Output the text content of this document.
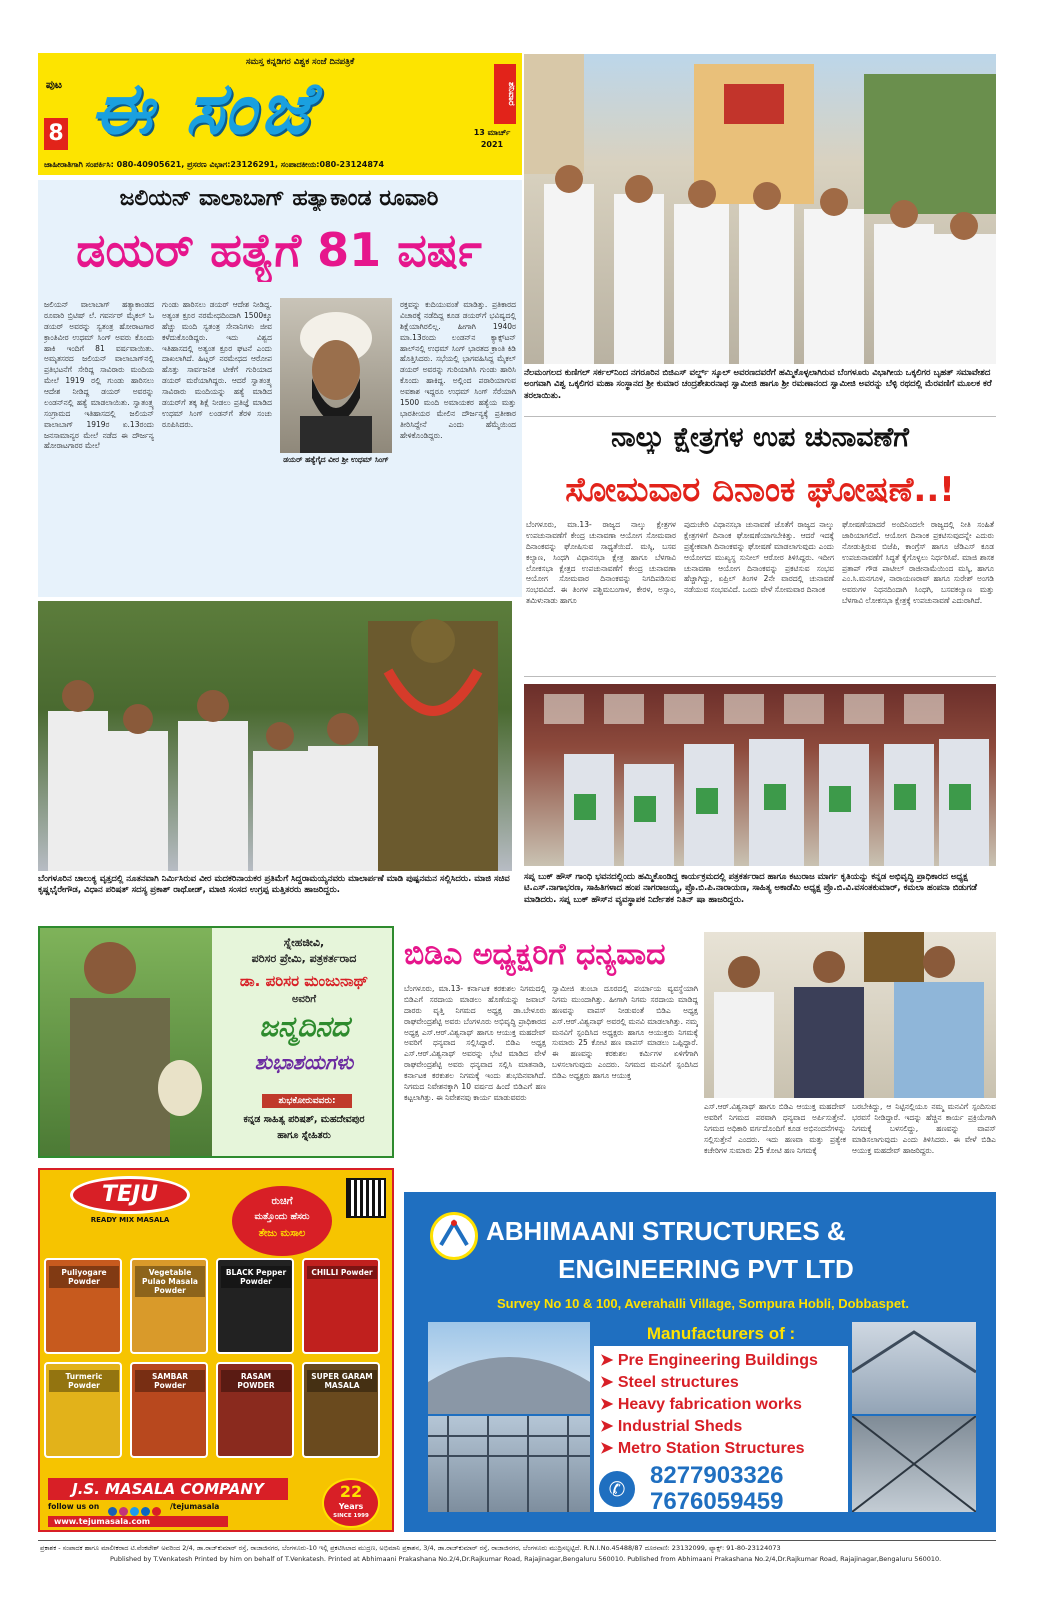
ಸಮಸ್ತ ಕನ್ನಡಿಗರ ವಿಶ್ವಕ ಸಂಜೆ ದಿನಪತ್ರಿಕೆ
ಪುಟ
8 ಈ ಸಂಜೆ	ಶನಿವಾರ
13 ಮಾರ್ಚ್
2021
ಜಾಹೀರಾತಿಗಾಗಿ ಸಂಪರ್ಕಿಸಿ: 080-40905621, ಪ್ರಸರಣ ವಿಭಾಗ:23126291, ಸಂಪಾದಕೀಯ:080-23124874
ಜಲಿಯನ್ ವಾಲಾಬಾಗ್ ಹತ್ಯಾಕಾಂಡ ರೂವಾರಿ
ಡಯರ್ ಹತ್ಯೆಗೆ 81 ವರ್ಷ
ಜಲಿಯನ್ ವಾಲಾಬಾಗ್ ಹತ್ಯಾಕಾಂಡದ ರೂವಾರಿ ಬ್ರಿಟಿಷ್ ಲೆ. ಗವರ್ನರ್ ಮೈಕಲ್ ಓ ಡಯರ್ ಅವರನ್ನು ಸ್ವತಂತ್ರ ಹೋರಾಟಗಾರ ಕ್ರಾಂತಿವೀರ ಉಧಮ್ ಸಿಂಗ್ ಅವರು ಕೊಂದು ಹಾಕಿ ಇಂದಿಗೆ 81 ವರ್ಷವಾಯಿತು. ಅಮೃತಸರದ ಜಲಿಯನ್ ವಾಲಾಬಾಗ್‌ನಲ್ಲಿ ಪ್ರತಿಭಟನೆಗೆ ಸೇರಿದ್ದ ಸಾವಿರಾರು ಮಂದಿಯ ಮೇಲೆ 1919 ರಲ್ಲಿ ಗುಂಡು ಹಾರಿಸಲು ಆದೇಶ ನೀಡಿದ್ದ ಡಯರ್ ಅವರನ್ನು ಲಂಡನ್‌ನಲ್ಲಿ ಹತ್ಯೆ ಮಾಡಲಾಯಿತು. ಸ್ವಾತಂತ್ರ್ಯ ಸಂಗ್ರಾಮದ ಇತಿಹಾಸದಲ್ಲಿ ಜಲಿಯನ್ ವಾಲಾಬಾಗ್ 1919ರ ಏ.13ರಂದು ಜನಸಾಮಾನ್ಯರ ಮೇಲೆ ನಡೆದ ಈ ದೌರ್ಜನ್ಯ ಹೋರಾಟಗಾರರ ಮೇಲೆ
ಗುಂಡು ಹಾರಿಸಲು ಡಯರ್ ಆದೇಶ ನೀಡಿದ್ದ. ಅತ್ಯಂತ ಕ್ರೂರ ನರಮೇಧದಿಂದಾಗಿ 1500ಕ್ಕೂ ಹೆಚ್ಚು ಮಂದಿ ಸ್ವತಂತ್ರ ಸೇನಾನಿಗಳು ಜೀವ ಕಳೆದುಕೊಂಡಿದ್ದರು. ಇದು ವಿಶ್ವದ ಇತಿಹಾಸದಲ್ಲಿ ಅತ್ಯಂತ ಕ್ರೂರ ಘಟನೆ ಎಂದು ದಾಖಲಾಗಿದೆ. ಹಿಟ್ಲರ್ ನರಮೇಧದ ಆರೋಪ ಹೊತ್ತು ಸಾರ್ವಜನಿಕ ಟೀಕೆಗೆ ಗುರಿಯಾದ ಡಯರ್ ಮರೆಯಾಗಿದ್ದರು. ಆದರೆ ಸ್ವಾತಂತ್ರ್ಯ ಸಾವಿರಾರು ಮಂದಿಯನ್ನು ಹತ್ಯೆ ಮಾಡಿದ ಡಯರ್‌ಗೆ ತಕ್ಕ ಶಿಕ್ಷೆ ನೀಡಲು ಪ್ರತಿಜ್ಞೆ ಮಾಡಿದ ಉಧಮ್ ಸಿಂಗ್ ಲಂಡನ್‌ಗೆ ತೆರಳಿ ಸಂಚು ರೂಪಿಸಿದರು.
ಡಯರ್ ಹತ್ಯೆಗೈದ ವೀರ ಶ್ರೀ ಉಧಮ್ ಸಿಂಗ್
ರಕ್ತವನ್ನು ಕುದಿಯುವಂತೆ ಮಾಡಿತ್ತು. ಪ್ರತಿಕಾರದ ವಿಚಾರಕ್ಕೆ ನಡೆದಿದ್ದ ಕೂಡ ಡಯರ್‌ಗೆ ಭವಿಷ್ಯದಲ್ಲಿ ಶಿಕ್ಷೆಯಾಗಿರಲಿಲ್ಲ. ಹೀಗಾಗಿ 1940ರ ಮಾ.13ರಂದು ಲಂಡನ್‌ನ ಕ್ಯಾಕ್ಸ್‌ಟನ್ ಹಾಲ್‌ನಲ್ಲಿ ಉಧಮ್ ಸಿಂಗ್ ಭಾರತದ ಕ್ರಾಂತಿ ಕಿಡಿ ಹೊತ್ತಿಸಿದರು. ಸಭೆಯಲ್ಲಿ ಭಾಗವಹಿಸಿದ್ದ ಮೈಕಲ್ ಡಯರ್ ಅವರನ್ನು ಗುರಿಯಾಗಿಸಿ ಗುಂಡು ಹಾರಿಸಿ ಕೊಂದು ಹಾಕಿದ್ದ. ಅಲ್ಲಿಂದ ಪರಾರಿಯಾಗುವ ಅವಕಾಶ ಇದ್ದರೂ ಉಧಮ್ ಸಿಂಗ್ ಸೆರೆಯಾಗಿ 1500 ಮಂದಿ ಅಮಾಯಕರ ಹತ್ಯೆಯ ಮತ್ತು ಭಾರತೀಯರ ಮೇಲಿನ ದೌರ್ಜನ್ಯಕ್ಕೆ ಪ್ರತೀಕಾರ ತೀರಿಸಿದ್ದೇನೆ ಎಂದು ಹೆಮ್ಮೆಯಿಂದ ಹೇಳಿಕೊಂಡಿದ್ದರು.
ನೆಲಮಂಗಲದ ಕುಣಿಗಲ್ ಸರ್ಕಲ್‌ನಿಂದ ನಗರೂರಿನ ಬಿಜಿಎಸ್ ವರ್ಲ್ಡ್ ಸ್ಕೂಲ್ ಅವರಣದವರೆಗೆ ಹಮ್ಮಿಕೊಳ್ಳಲಾಗಿರುವ ಬೆಂಗಳೂರು ವಿಭಾಗೀಯ ಒಕ್ಕಲಿಗರ ಬೃಹತ್ ಸಮಾವೇಶದ ಅಂಗವಾಗಿ ವಿಶ್ವ ಒಕ್ಕಲಿಗರ ಮಹಾ ಸಂಸ್ಥಾನದ ಶ್ರೀ ಕುಮಾರ ಚಂದ್ರಶೇಖರನಾಥ ಸ್ವಾಮೀಜಿ ಹಾಗೂ ಶ್ರೀ ರಮಣಾನಂದ ಸ್ವಾಮೀಜಿ ಅವರನ್ನು ಬೆಳ್ಳಿ ರಥದಲ್ಲಿ ಮೆರವಣಿಗೆ ಮೂಲಕ ಕರೆ ತರಲಾಯಿತು.
ನಾಲ್ಕು ಕ್ಷೇತ್ರಗಳ ಉಪ ಚುನಾವಣೆಗೆ
ಸೋಮವಾರ ದಿನಾಂಕ ಘೋಷಣೆ..!
ಬೆಂಗಳೂರು, ಮಾ.13- ರಾಜ್ಯದ ನಾಲ್ಕು ಕ್ಷೇತ್ರಗಳ ಉಪಚುನಾವಣೆಗೆ ಕೇಂದ್ರ ಚುನಾವಣಾ ಆಯೋಗ ಸೋಮವಾರ ದಿನಾಂಕವನ್ನು ಘೋಷಿಸುವ ಸಾಧ್ಯತೆಯಿದೆ. ಮಸ್ಕಿ, ಬಸವ ಕಲ್ಯಾಣ, ಸಿಂಧಗಿ ವಿಧಾನಸಭಾ ಕ್ಷೇತ್ರ ಹಾಗೂ ಬೆಳಗಾವಿ ಲೋಕಸಭಾ ಕ್ಷೇತ್ರದ ಉಪಚುನಾವಣೆಗೆ ಕೇಂದ್ರ ಚುನಾವಣಾ ಆಯೋಗ ಸೋಮವಾರ ದಿನಾಂಕವನ್ನು ನಿಗದಿಪಡಿಸುವ ಸಂಭವವಿದೆ. ಈ ತಿಂಗಳ ಪಶ್ಚಿಮಬಂಗಾಳ, ಕೇರಳ, ಅಸ್ಸಾಂ, ತಮಿಳುನಾಡು ಹಾಗೂ
ಪುದುಚೇರಿ ವಿಧಾನಸಭಾ ಚುನಾವಣೆ ಜೊತೆಗೆ ರಾಜ್ಯದ ನಾಲ್ಕು ಕ್ಷೇತ್ರಗಳಿಗೆ ದಿನಾಂಕ ಘೋಷಣೆಯಾಗಬೇಕಿತ್ತು. ಆದರೆ ಇದಕ್ಕೆ ಪ್ರತ್ಯೇಕವಾಗಿ ದಿನಾಂಕವನ್ನು ಘೋಷಣೆ ಮಾಡಲಾಗುವುದು ಎಂದು ಆಯೋಗದ ಮುಖ್ಯಸ್ಥ ಸುನೀಲ್ ಆರೋರ ತಿಳಿಸಿದ್ದರು. ಇದೀಗ ಚುನಾವಣಾ ಆಯೋಗ ದಿನಾಂಕವನ್ನು ಪ್ರಕಟಿಸುವ ಸಂಭವ ಹೆಚ್ಚಾಗಿದ್ದು, ಏಪ್ರಿಲ್ ತಿಂಗಳ 2ನೇ ವಾರದಲ್ಲಿ ಚುನಾವಣೆ ನಡೆಯುವ ಸಂಭವವಿದೆ. ಒಂದು ವೇಳೆ ಸೋಮವಾರ ದಿನಾಂಕ
ಘೋಷಣೆಯಾದರೆ ಅಂದಿನಿಂದಲೇ ರಾಜ್ಯದಲ್ಲಿ ನೀತಿ ಸಂಹಿತೆ ಜಾರಿಯಾಗಲಿದೆ. ಆಯೋಗ ದಿನಾಂಕ ಪ್ರಕಟಿಸುವುದನ್ನೇ ಎದುರು ನೋಡುತ್ತಿರುವ ಬಿಜೆಪಿ, ಕಾಂಗ್ರೆಸ್ ಹಾಗೂ ಜೆಡಿಎಸ್ ಕೂಡ ಉಪಚುನಾವಣೆಗೆ ಸಿದ್ಧತೆ ಕೈಗೊಳ್ಳಲು ನಿರ್ಧರಿಸಿವೆ. ಮಾಜಿ ಶಾಸಕ ಪ್ರತಾಪ್ ಗೌಡ ಪಾಟೀಲ್ ರಾಜೀನಾಮೆಯಿಂದ ಮಸ್ಕಿ, ಹಾಗೂ ಎಂ.ಸಿ.ಮನಗೂಳಿ, ನಾರಾಯಣರಾವ್ ಹಾಗೂ ಸುರೇಶ್ ಅಂಗಡಿ ಅವರುಗಳ ನಿಧನದಿಂದಾಗಿ ಸಿಂಧಗಿ, ಬಸವಕಲ್ಯಾಣ ಮತ್ತು ಬೆಳಗಾವಿ ಲೋಕಸಭಾ ಕ್ಷೇತ್ರಕ್ಕೆ ಉಪಚುನಾವಣೆ ಎದುರಾಗಿದೆ.
ಬೆಂಗಳೂರಿನ ಚಾಲುಕ್ಯ ವೃತ್ತದಲ್ಲಿ ನೂತನವಾಗಿ ನಿರ್ಮಿಸಿರುವ ವೀರ ಮದಕರಿನಾಯಕರ ಪ್ರತಿಮೆಗೆ ಸಿದ್ದರಾಮಯ್ಯನವರು ಮಾಲಾರ್ಪಣೆ ಮಾಡಿ ಪುಷ್ಪನಮನ ಸಲ್ಲಿಸಿದರು. ಮಾಜಿ ಸಚಿವ ಕೃಷ್ಣಭೈರೇಗೌಡ, ವಿಧಾನ ಪರಿಷತ್ ಸದಸ್ಯ ಪ್ರಕಾಶ್ ರಾಥೋಡ್, ಮಾಜಿ ಸಂಸದ ಉಗ್ರಪ್ಪ ಮತ್ತಿತರರು ಹಾಜರಿದ್ದರು.
ಸಪ್ನ ಬುಕ್ ಹೌಸ್ ಗಾಂಧಿ ಭವನದಲ್ಲಿಂದು ಹಮ್ಮಿಕೊಂಡಿದ್ದ ಕಾರ್ಯಕ್ರಮದಲ್ಲಿ ಪತ್ರಕರ್ತರಾದ ಹಾಗೂ ಕಟುರಾಜ ಮಾರ್ಗ ಕೃತಿಯನ್ನು ಕನ್ನಡ ಅಭಿವೃದ್ಧಿ ಪ್ರಾಧಿಕಾರದ ಅಧ್ಯಕ್ಷ ಟಿ.ಎಸ್.ನಾಗಾಭರಣ, ಸಾಹಿತಿಗಳಾದ ಹಂಪ ನಾಗರಾಜಯ್ಯ, ಪ್ರೊ.ಬಿ.ಪಿ.ನಾರಾಯಣ, ಸಾಹಿತ್ಯ ಅಕಾಡೆಮಿ ಅಧ್ಯಕ್ಷ ಪ್ರೊ.ಬಿ.ವಿ.ವಸಂತಕುಮಾರ್, ಕಮಲಾ ಹಂಪನಾ ಬಿಡುಗಡೆ ಮಾಡಿದರು. ಸಪ್ನ ಬುಕ್ ಹೌಸ್‌ನ ವ್ಯವಸ್ಥಾಪಕ ನಿರ್ದೇಶಕ ನಿತಿನ್ ಷಾ ಹಾಜರಿದ್ದರು.
ಸ್ನೇಹಜೀವಿ,
ಪರಿಸರ ಪ್ರೇಮಿ, ಪತ್ರಕರ್ತರಾದ
ಡಾ. ಪರಿಸರ ಮಂಜುನಾಥ್
ಅವರಿಗೆ
ಜನ್ಮದಿನದ
ಶುಭಾಶಯಗಳು
ಶುಭಕೋರುವವರು:
ಕನ್ನಡ ಸಾಹಿತ್ಯ ಪರಿಷತ್, ಮಹದೇವಪುರ
ಹಾಗೂ ಸ್ನೇಹಿತರು
ಬಿಡಿಎ ಅಧ್ಯಕ್ಷರಿಗೆ ಧನ್ಯವಾದ
ಬೆಂಗಳೂರು, ಮಾ.13- ಕರ್ನಾಟಕ ಕರಕುಶಲ ನಿಗಮದಲ್ಲಿ ಬಿಡಿಎಗೆ ಸರದಾಯ ಮಾಡಲು ಹೊಣೆಯನ್ನು ಜವಾಬ್ ದಾರರು ವೃತ್ತಿ ನಿಗಮದ ಅಧ್ಯಕ್ಷ ಡಾ.ಬೇಳೂರು ರಾಘವೇಂದ್ರಶೆಟ್ಟಿ ಅವರು ಬೆಂಗಳೂರು ಅಭಿವೃದ್ಧಿ ಪ್ರಾಧಿಕಾರದ ಅಧ್ಯಕ್ಷ ಎಸ್.ಆರ್.ವಿಶ್ವನಾಥ್ ಹಾಗೂ ಆಯುಕ್ತ ಮಹದೇವ್ ಅವರಿಗೆ ಧನ್ಯವಾದ ಸಲ್ಲಿಸಿದ್ದಾರೆ. ಬಿಡಿಎ ಅಧ್ಯಕ್ಷ ಎಸ್.ಆರ್.ವಿಶ್ವನಾಥ್ ಅವರನ್ನು ಭೇಟಿ ಮಾಡಿದ ವೇಳೆ ರಾಘವೇಂದ್ರಶೆಟ್ಟಿ ಅವರು ಧನ್ಯವಾದ ಸಲ್ಲಿಸಿ ಮಾತನಾಡಿ, ಕರ್ನಾಟಕ ಕರಕುಶಲ ನಿಗಮಕ್ಕೆ ಇಂದು ಶುಭದಿನವಾಗಿದೆ. ನಿಗಮದ ನಿವೇಶನಕ್ಕಾಗಿ 10 ವರ್ಷದ ಹಿಂದೆ ಬಿಡಿಎಗೆ ಹಣ ಕಟ್ಟಲಾಗಿತ್ತು. ಈ ನಿವೇಶನವು ಕಾರ್ಯ ಮಾಡುವವರು
ಸ್ವಾಮೀಜಿ ತುಂಬಾ ದೂರದಲ್ಲಿ ಪರ್ಯಾಯ ವ್ಯವಸ್ಥೆಯಾಗಿ ನಿಗಮ ಮುಂದಾಗಿತ್ತು. ಹೀಗಾಗಿ ನಿಗಮ ಸರದಾಯ ಮಾಡಿದ್ದ ಹಣವನ್ನು ವಾಪಸ್ ನೀಡುವಂತೆ ಬಿಡಿಎ ಅಧ್ಯಕ್ಷ ಎಸ್.ಆರ್.ವಿಶ್ವನಾಥ್ ಅವರಲ್ಲಿ ಮನವಿ ಮಾಡಲಾಗಿತ್ತು. ನಮ್ಮ ಮನವಿಗೆ ಸ್ಪಂದಿಸಿದ ಅಧ್ಯಕ್ಷರು ಹಾಗೂ ಆಯುಕ್ತರು ನಿಗಮಕ್ಕೆ ಸುಮಾರು 25 ಕೋಟಿ ಹಣ ವಾಪಸ್ ಮಾಡಲು ಒಪ್ಪಿದ್ದಾರೆ. ಈ ಹಣವನ್ನು ಕರಕುಶಲ ಕರ್ಮಿಗಳ ಏಳಿಗೆಗಾಗಿ ಬಳಸಲಾಗುವುದು ಎಂದರು. ನಿಗಮದ ಮನವಿಗೆ ಸ್ಪಂದಿಸಿದ ಬಿಡಿಎ ಅಧ್ಯಕ್ಷರು ಹಾಗೂ ಆಯುಕ್ತ
ಎಸ್.ಆರ್.ವಿಶ್ವನಾಥ್ ಹಾಗೂ ಬಿಡಿಎ ಆಯುಕ್ತ ಮಹದೇವ್ ಅವರಿಗೆ ನಿಗಮದ ಪರವಾಗಿ ಧನ್ಯವಾದ ಅರ್ಪಿಸುತ್ತೇನೆ. ನಿಗಮದ ಅಧಿಕಾರಿ ವರ್ಗದೊಂದಿಗೆ ಕೂಡ ಅಭಿನಂದನೆಗಳನ್ನು ಸಲ್ಲಿಸುತ್ತೇನೆ ಎಂದರು. ಇದು ಹಣವಾ ಮತ್ತು ಪ್ರತ್ಯೇಕ ಕಚೇರಿಗಳ ಸುಮಾರು 25 ಕೋಟಿ ಹಣ ನಿಗಮಕ್ಕೆ
ಬರಬೇಕಿದ್ದು, ಆ ನಿಟ್ಟಿನಲ್ಲಿಯೂ ನಮ್ಮ ಮನವಿಗೆ ಸ್ಪಂದಿಸುವ ಭರವಸೆ ನೀಡಿದ್ದಾರೆ. ಇದನ್ನು ಹೆಚ್ಚಿನ ಕಾರ್ಯ ಪ್ರಕ್ರಿಯೆಗಾಗಿ ನಿಗಮಕ್ಕೆ ಬಳಸಲಿದ್ದು, ಹಣವನ್ನು ವಾಪಸ್ ಮಾಡಿಸಲಾಗುವುದು ಎಂದು ತಿಳಿಸಿದರು. ಈ ವೇಳೆ ಬಿಡಿಎ ಆಯುಕ್ತ ಮಹದೇವ್ ಹಾಜರಿದ್ದರು.
TEJU
READY MIX MASALA
ರುಚಿಗೆ
ಮತ್ತೊಂದು ಹೆಸರು
ತೇಜು ಮಸಾಲ
Puliyogare Powder
Vegetable Pulao Masala Powder
BLACK Pepper Powder
CHILLI Powder
Turmeric Powder
SAMBAR Powder
RASAM POWDER
SUPER GARAM MASALA
J.S. MASALA COMPANY
follow us on	/tejumasala
www.tejumasala.com
22
Years
SINCE 1999
ABHIMAANI STRUCTURES &
ENGINEERING PVT LTD
Survey No 10 & 100, Averahalli Village, Sompura Hobli, Dobbaspet.
Manufacturers of :
➤ Pre Engineering Buildings
➤ Steel structures
➤ Heavy fabrication works
➤ Industrial Sheds
➤ Metro Station Structures
✆	8277903326
7676059459
ಪ್ರಕಾಶಕ - ಸಂಪಾದಕ ಹಾಗೂ ಮಾಲೀಕರಾದ ಟಿ.ವೆಂಕಟೇಶ್ ಅವರಿಂದ 2/4, ಡಾ.ರಾಜ್‌ಕುಮಾರ್ ರಸ್ತೆ, ರಾಜಾಜಿನಗರ, ಬೆಂಗಳೂರು-10 ಇಲ್ಲಿ ಪ್ರಕಟಿಸಿಲಾದ ಮುದ್ರಣ, ಅಭಿಮಾನಿ ಪ್ರಕಾಶನ, 3/4, ಡಾ.ರಾಜ್‌ಕುಮಾರ್ ರಸ್ತೆ, ರಾಜಾಜಿನಗರ, ಬೆಂಗಳೂರು ಮುದ್ರಿಸಲ್ಪಟ್ಟಿದೆ. R.N.I.No.45488/87 ದೂರವಾಣಿ: 23132099, ಫ್ಯಾಕ್ಸ್: 91-80-23124073
Published by T.Venkatesh Printed by him on behalf of T.Venkatesh. Printed at Abhimaani Prakashana No.2/4,Dr.Rajkumar Road, Rajajinagar,Bengaluru 560010. Published from Abhimaani Prakashana No.2/4,Dr.Rajkumar Road, Rajajinagar,Bengaluru 560010.
